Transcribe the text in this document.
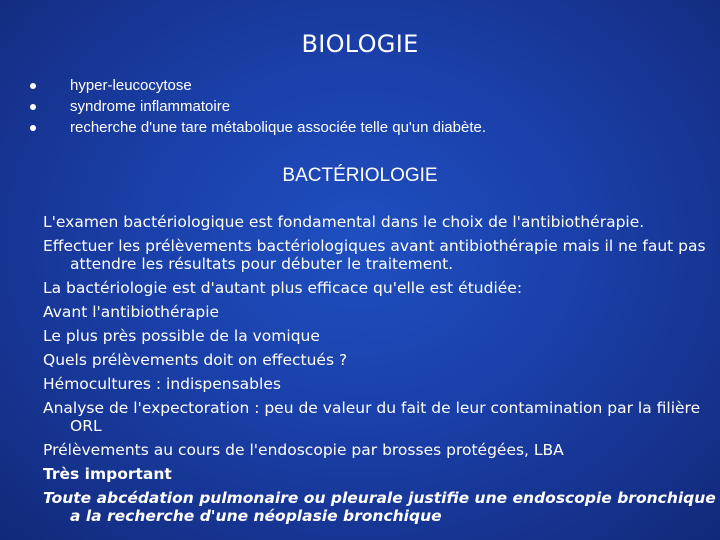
BIOLOGIE
hyper-leucocytose
syndrome inflammatoire
recherche d'une tare métabolique associée telle qu'un diabète.
BACTÉRIOLOGIE

L'examen bactériologique est fondamental dans le choix de l'antibiothérapie.

Effectuer les prélèvements bactériologiques avant antibiothérapie mais il ne faut pas attendre les résultats pour débuter le traitement.

La bactériologie est d'autant plus efficace qu'elle est étudiée:

Avant l'antibiothérapie

Le plus près possible de la vomique

Quels prélèvements doit on effectués ?

Hémocultures : indispensables

Analyse de l'expectoration : peu de valeur du fait de leur contamination par la filière ORL

Prélèvements au cours de l'endoscopie par brosses protégées, LBA

Très important

Toute abcédation pulmonaire ou pleurale justifie une endoscopie bronchique a la recherche d'une néoplasie bronchique
